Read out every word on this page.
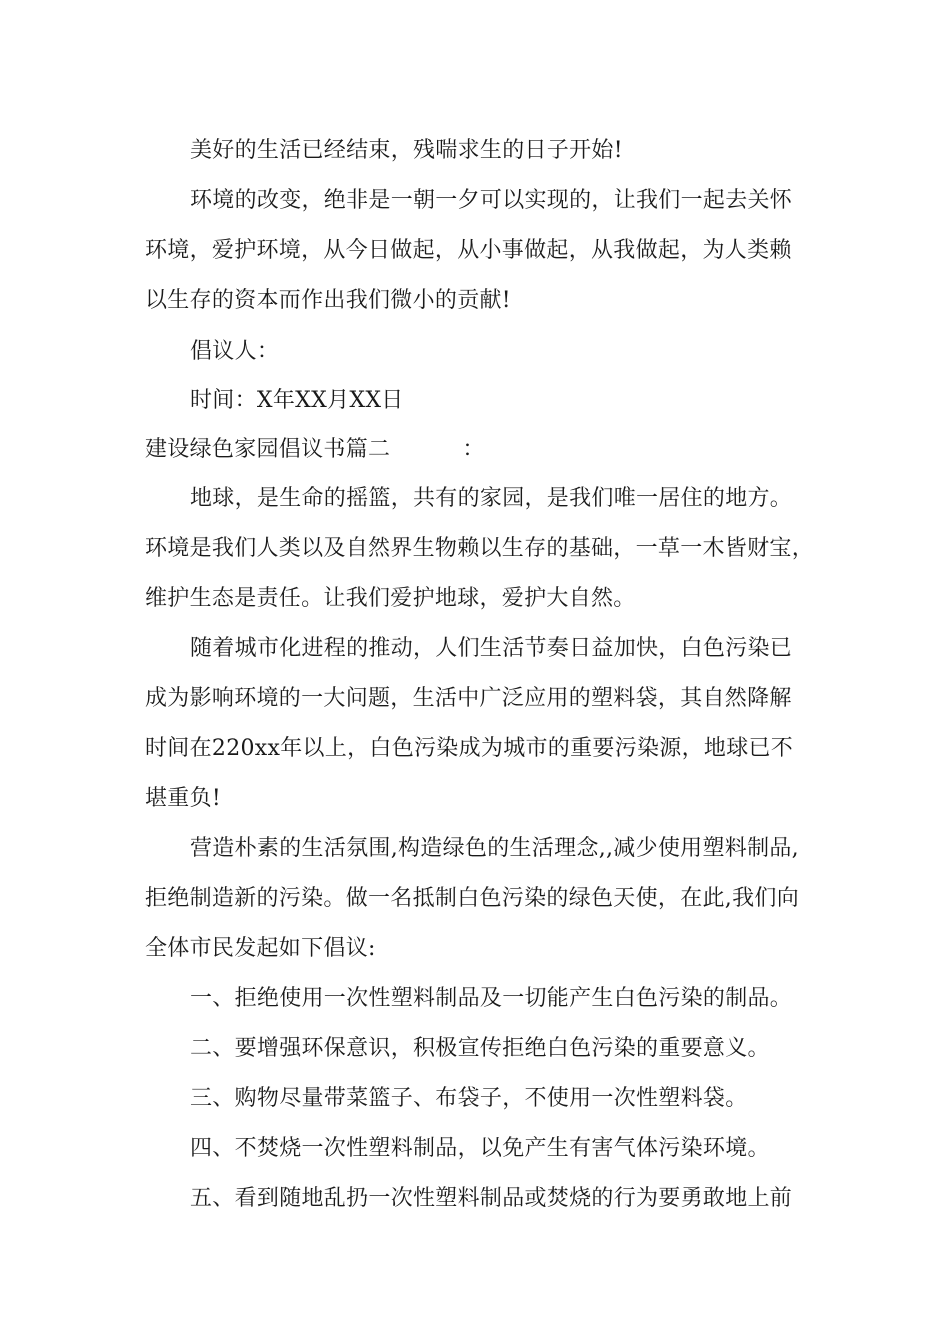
美好的生活已经结束，残喘求生的日子开始!
环境的改变，绝非是一朝一夕可以实现的，让我们一起去关怀
环境，爱护环境，从今日做起，从小事做起，从我做起，为人类赖
以生存的资本而作出我们微小的贡献!
倡议人：
时间：X年XX月XX日
建设绿色家园倡议书篇二	：
地球，是生命的摇篮，共有的家园，是我们唯一居住的地方。
环境是我们人类以及自然界生物赖以生存的基础，一草一木皆财宝，
维护生态是责任。让我们爱护地球，爱护大自然。
随着城市化进程的推动，人们生活节奏日益加快，白色污染已
成为影响环境的一大问题，生活中广泛应用的塑料袋，其自然降解
时间在220xx年以上，白色污染成为城市的重要污染源，地球已不
堪重负!
营造朴素的生活氛围,构造绿色的生活理念,,减少使用塑料制品,
拒绝制造新的污染。做一名抵制白色污染的绿色天使，在此,我们向
全体市民发起如下倡议:
一、拒绝使用一次性塑料制品及一切能产生白色污染的制品。
二、要增强环保意识，积极宣传拒绝白色污染的重要意义。
三、购物尽量带菜篮子、布袋子，不使用一次性塑料袋。
四、不焚烧一次性塑料制品，以免产生有害气体污染环境。
五、看到随地乱扔一次性塑料制品或焚烧的行为要勇敢地上前
